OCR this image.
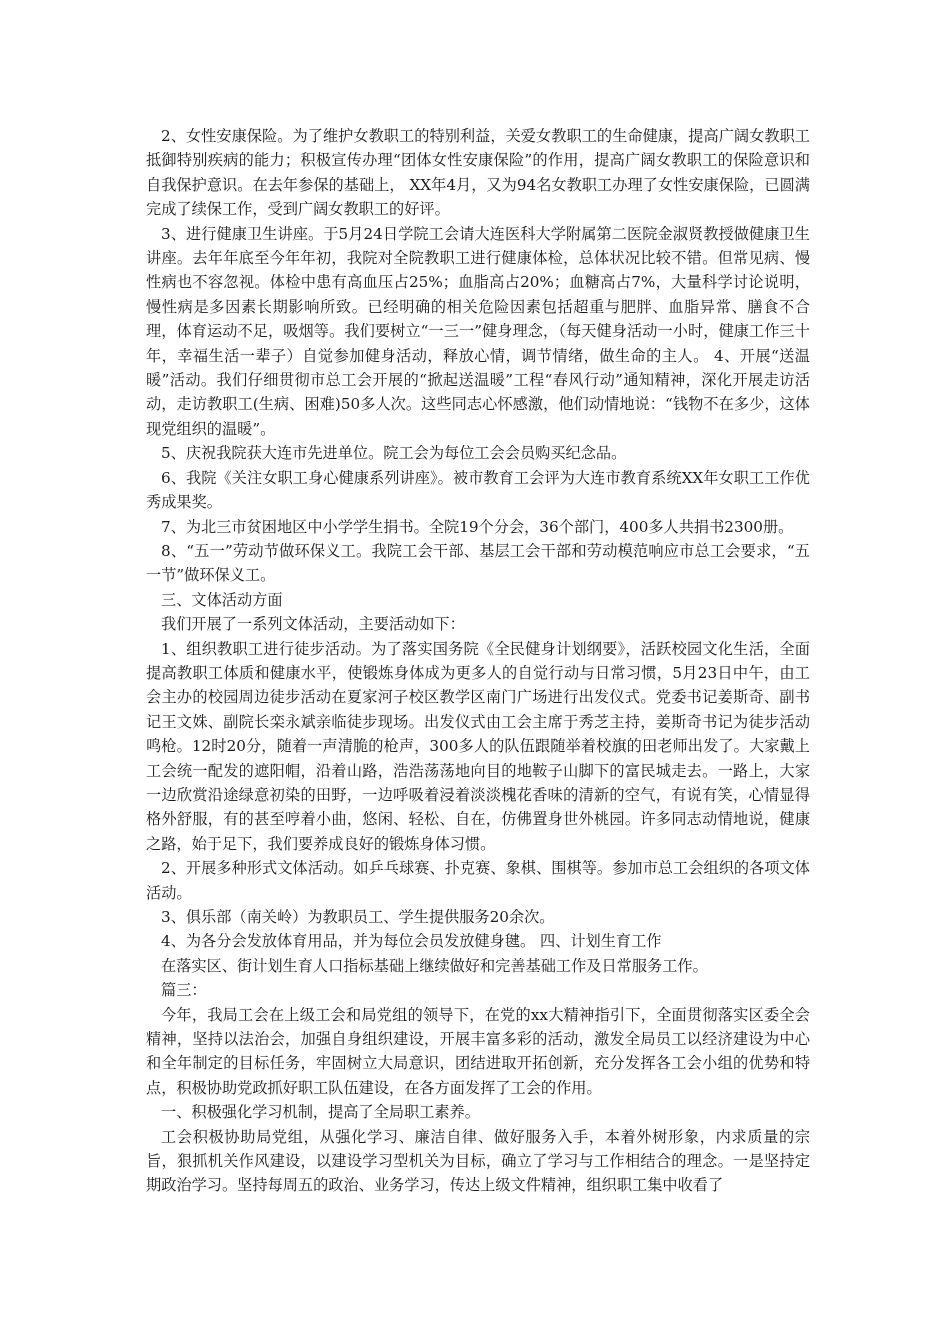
2、女性安康保险。为了维护女教职工的特别利益，关爱女教职工的生命健康，提高广阔女教职工抵御特别疾病的能力；积极宣传办理“团体女性安康保险”的作用，提高广阔女教职工的保险意识和自我保护意识。在去年参保的基础上， XX年4月，又为94名女教职工办理了女性安康保险，已圆满完成了续保工作，受到广阔女教职工的好评。

3、进行健康卫生讲座。于5月24日学院工会请大连医科大学附属第二医院金淑贤教授做健康卫生讲座。去年年底至今年年初，我院对全院教职工进行健康体检，总体状况比较不错。但常见病、慢性病也不容忽视。体检中患有高血压占25%；血脂高占20%；血糖高占7%，大量科学讨论说明，慢性病是多因素长期影响所致。已经明确的相关危险因素包括超重与肥胖、血脂异常、膳食不合理，体育运动不足，吸烟等。我们要树立“一三一”健身理念，（每天健身活动一小时，健康工作三十年，幸福生活一辈子）自觉参加健身活动，释放心情，调节情绪，做生命的主人。 4、开展“送温暖”活动。我们仔细贯彻市总工会开展的“掀起送温暖”工程“春风行动”通知精神，深化开展走访活动，走访教职工(生病、困难)50多人次。这些同志心怀感激，他们动情地说：“钱物不在多少，这体现党组织的温暖”。

5、庆祝我院获大连市先进单位。院工会为每位工会会员购买纪念品。

6、我院《关注女职工身心健康系列讲座》。被市教育工会评为大连市教育系统XX年女职工工作优秀成果奖。

7、为北三市贫困地区中小学学生捐书。全院19个分会，36个部门，400多人共捐书2300册。

8、“五一”劳动节做环保义工。我院工会干部、基层工会干部和劳动模范响应市总工会要求，“五一节”做环保义工。

三、文体活动方面

我们开展了一系列文体活动，主要活动如下：

1、组织教职工进行徒步活动。为了落实国务院《全民健身计划纲要》，活跃校园文化生活，全面提高教职工体质和健康水平，使锻炼身体成为更多人的自觉行动与日常习惯，5月23日中午，由工会主办的校园周边徒步活动在夏家河子校区教学区南门广场进行出发仪式。党委书记姜斯奇、副书记王文姝、副院长栾永斌亲临徒步现场。出发仪式由工会主席于秀芝主持，姜斯奇书记为徒步活动鸣枪。12时20分，随着一声清脆的枪声，300多人的队伍跟随举着校旗的田老师出发了。大家戴上工会统一配发的遮阳帽，沿着山路，浩浩荡荡地向目的地鞍子山脚下的富民城走去。一路上，大家一边欣赏沿途绿意初染的田野，一边呼吸着浸着淡淡槐花香味的清新的空气，有说有笑，心情显得格外舒服，有的甚至哼着小曲，悠闲、轻松、自在，仿佛置身世外桃园。许多同志动情地说，健康之路，始于足下，我们要养成良好的锻炼身体习惯。

2、开展多种形式文体活动。如乒乓球赛、扑克赛、象棋、围棋等。参加市总工会组织的各项文体活动。

3、俱乐部（南关岭）为教职员工、学生提供服务20余次。

4、为各分会发放体育用品，并为每位会员发放健身毽。 四、计划生育工作

在落实区、街计划生育人口指标基础上继续做好和完善基础工作及日常服务工作。

篇三：

今年，我局工会在上级工会和局党组的领导下，在党的xx大精神指引下，全面贯彻落实区委全会精神，坚持以法治会，加强自身组织建设，开展丰富多彩的活动，激发全局员工以经济建设为中心和全年制定的目标任务，牢固树立大局意识，团结进取开拓创新，充分发挥各工会小组的优势和特点，积极协助党政抓好职工队伍建设，在各方面发挥了工会的作用。

一、积极强化学习机制，提高了全局职工素养。

工会积极协助局党组，从强化学习、廉洁自律、做好服务入手，本着外树形象，内求质量的宗旨，狠抓机关作风建设，以建设学习型机关为目标，确立了学习与工作相结合的理念。一是坚持定期政治学习。坚持每周五的政治、业务学习，传达上级文件精神，组织职工集中收看了
